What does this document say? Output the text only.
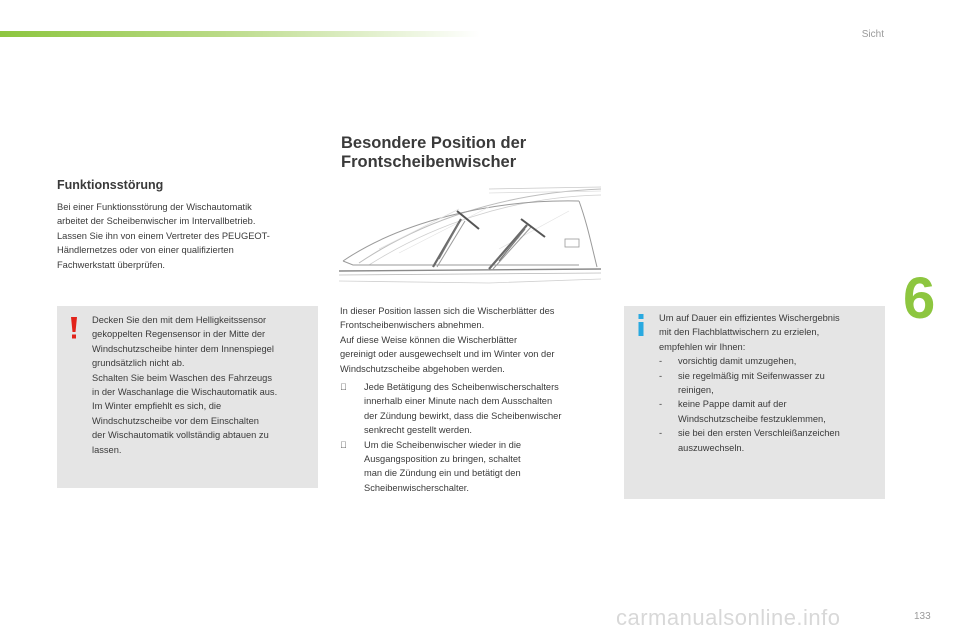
Sicht
6
133
Funktionsstörung
Bei einer Funktionsstörung der Wischautomatik
arbeitet der Scheibenwischer im Intervallbetrieb.
Lassen Sie ihn von einem Vertreter des PEUGEOT-
Händlernetzes oder von einer qualifizierten
Fachwerkstatt überprüfen.
Decken Sie den mit dem Helligkeitssensor
gekoppelten Regensensor in der Mitte der
Windschutzscheibe hinter dem Innenspiegel
grundsätzlich nicht ab.
Schalten Sie beim Waschen des Fahrzeugs
in der Waschanlage die Wischautomatik aus.
Im Winter empfiehlt es sich, die
Windschutzscheibe vor dem Einschalten
der Wischautomatik vollständig abtauen zu
lassen.
Besondere Position der
Frontscheibenwischer
In dieser Position lassen sich die Wischerblätter des
Frontscheibenwischers abnehmen.
Auf diese Weise können die Wischerblätter
gereinigt oder ausgewechselt und im Winter von der
Windschutzscheibe abgehoben werden.
Jede Betätigung des Scheibenwischerschalters
innerhalb einer Minute nach dem Ausschalten
der Zündung bewirkt, dass die Scheibenwischer
senkrecht gestellt werden.
Um die Scheibenwischer wieder in die
Ausgangsposition zu bringen, schaltet
man die Zündung ein und betätigt den
Scheibenwischerschalter.
Um auf Dauer ein effizientes Wischergebnis
mit den Flachblattwischern zu erzielen,
empfehlen wir Ihnen:
-	vorsichtig damit umzugehen,
-	sie regelmäßig mit Seifenwasser zu
reinigen,
-	keine Pappe damit auf der
Windschutzscheibe festzuklemmen,
-	sie bei den ersten Verschleißanzeichen
auszuwechseln.
carmanualsonline.info
